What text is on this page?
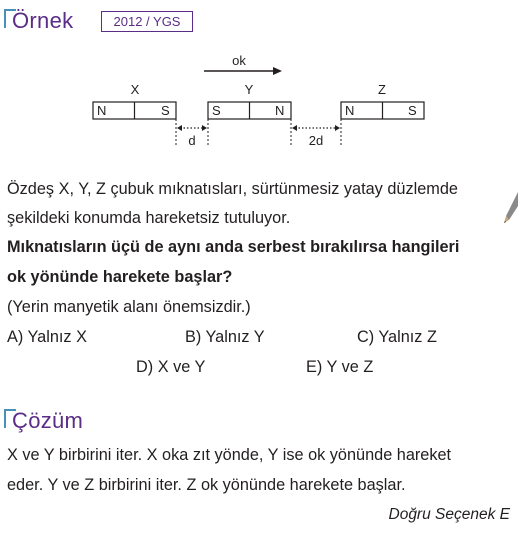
Örnek	2012 / YGS
ok
X	Y	Z
N	S	S	N	N	S
d	2d
Özdeş X, Y, Z çubuk mıknatısları, sürtünmesiz yatay düzlemde
şekildeki konumda hareketsiz tutuluyor.
Mıknatısların üçü de aynı anda serbest bırakılırsa hangileri
ok yönünde harekete başlar?
(Yerin manyetik alanı önemsizdir.)
A) Yalnız X	B) Yalnız Y	C) Yalnız Z
D) X ve Y	E) Y ve Z
Çözüm
X ve Y birbirini iter. X oka zıt yönde, Y ise ok yönünde hareket
eder. Y ve Z birbirini iter. Z ok yönünde harekete başlar.
Doğru Seçenek E
